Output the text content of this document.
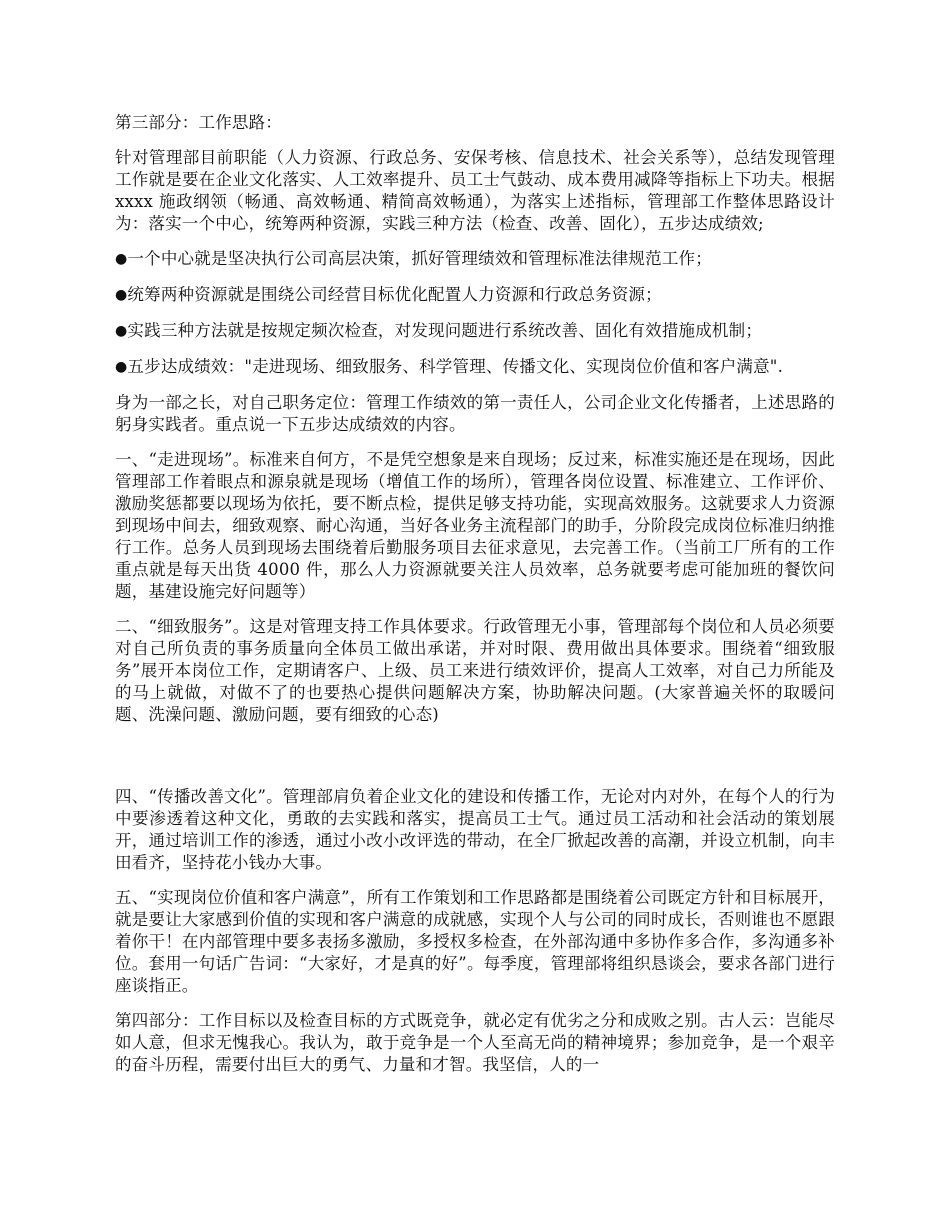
第三部分：工作思路：

针对管理部目前职能（人力资源、行政总务、安保考核、信息技术、社会关系等），总结发现管理工作就是要在企业文化落实、人工效率提升、员工士气鼓动、成本费用减降等指标上下功夫。根据 xxxx 施政纲领（畅通、高效畅通、精简高效畅通），为落实上述指标，管理部工作整体思路设计为：落实一个中心，统筹两种资源，实践三种方法（检查、改善、固化），五步达成绩效;

●一个中心就是坚决执行公司高层决策，抓好管理绩效和管理标准法律规范工作；

●统筹两种资源就是围绕公司经营目标优化配置人力资源和行政总务资源；

●实践三种方法就是按规定频次检查，对发现问题进行系统改善、固化有效措施成机制；

●五步达成绩效："走进现场、细致服务、科学管理、传播文化、实现岗位价值和客户满意".

身为一部之长，对自己职务定位：管理工作绩效的第一责任人，公司企业文化传播者，上述思路的躬身实践者。重点说一下五步达成绩效的内容。

一、“走进现场”。标准来自何方，不是凭空想象是来自现场；反过来，标准实施还是在现场，因此管理部工作着眼点和源泉就是现场（增值工作的场所），管理各岗位设置、标准建立、工作评价、激励奖惩都要以现场为依托，要不断点检，提供足够支持功能，实现高效服务。这就要求人力资源到现场中间去，细致观察、耐心沟通，当好各业务主流程部门的助手，分阶段完成岗位标准归纳推行工作。总务人员到现场去围绕着后勤服务项目去征求意见，去完善工作。（当前工厂所有的工作重点就是每天出货 4000 件，那么人力资源就要关注人员效率，总务就要考虑可能加班的餐饮问题，基建设施完好问题等）

二、“细致服务”。这是对管理支持工作具体要求。行政管理无小事，管理部每个岗位和人员必须要对自己所负责的事务质量向全体员工做出承诺，并对时限、费用做出具体要求。围绕着“细致服务”展开本岗位工作，定期请客户、上级、员工来进行绩效评价，提高人工效率，对自己力所能及的马上就做，对做不了的也要热心提供问题解决方案，协助解决问题。(大家普遍关怀的取暖问题、洗澡问题、激励问题，要有细致的心态)

四、“传播改善文化”。管理部肩负着企业文化的建设和传播工作，无论对内对外，在每个人的行为中要渗透着这种文化，勇敢的去实践和落实，提高员工士气。通过员工活动和社会活动的策划展开，通过培训工作的渗透，通过小改小改评选的带动，在全厂掀起改善的高潮，并设立机制，向丰田看齐，坚持花小钱办大事。

五、“实现岗位价值和客户满意”，所有工作策划和工作思路都是围绕着公司既定方针和目标展开，就是要让大家感到价值的实现和客户满意的成就感，实现个人与公司的同时成长，否则谁也不愿跟着你干！在内部管理中要多表扬多激励，多授权多检查，在外部沟通中多协作多合作，多沟通多补位。套用一句话广告词：“大家好，才是真的好”。每季度，管理部将组织恳谈会，要求各部门进行座谈指正。

第四部分：工作目标以及检查目标的方式既竞争，就必定有优劣之分和成败之别。古人云：岂能尽如人意，但求无愧我心。我认为，敢于竞争是一个人至高无尚的精神境界；参加竞争，是一个艰辛的奋斗历程，需要付出巨大的勇气、力量和才智。我坚信，人的一
